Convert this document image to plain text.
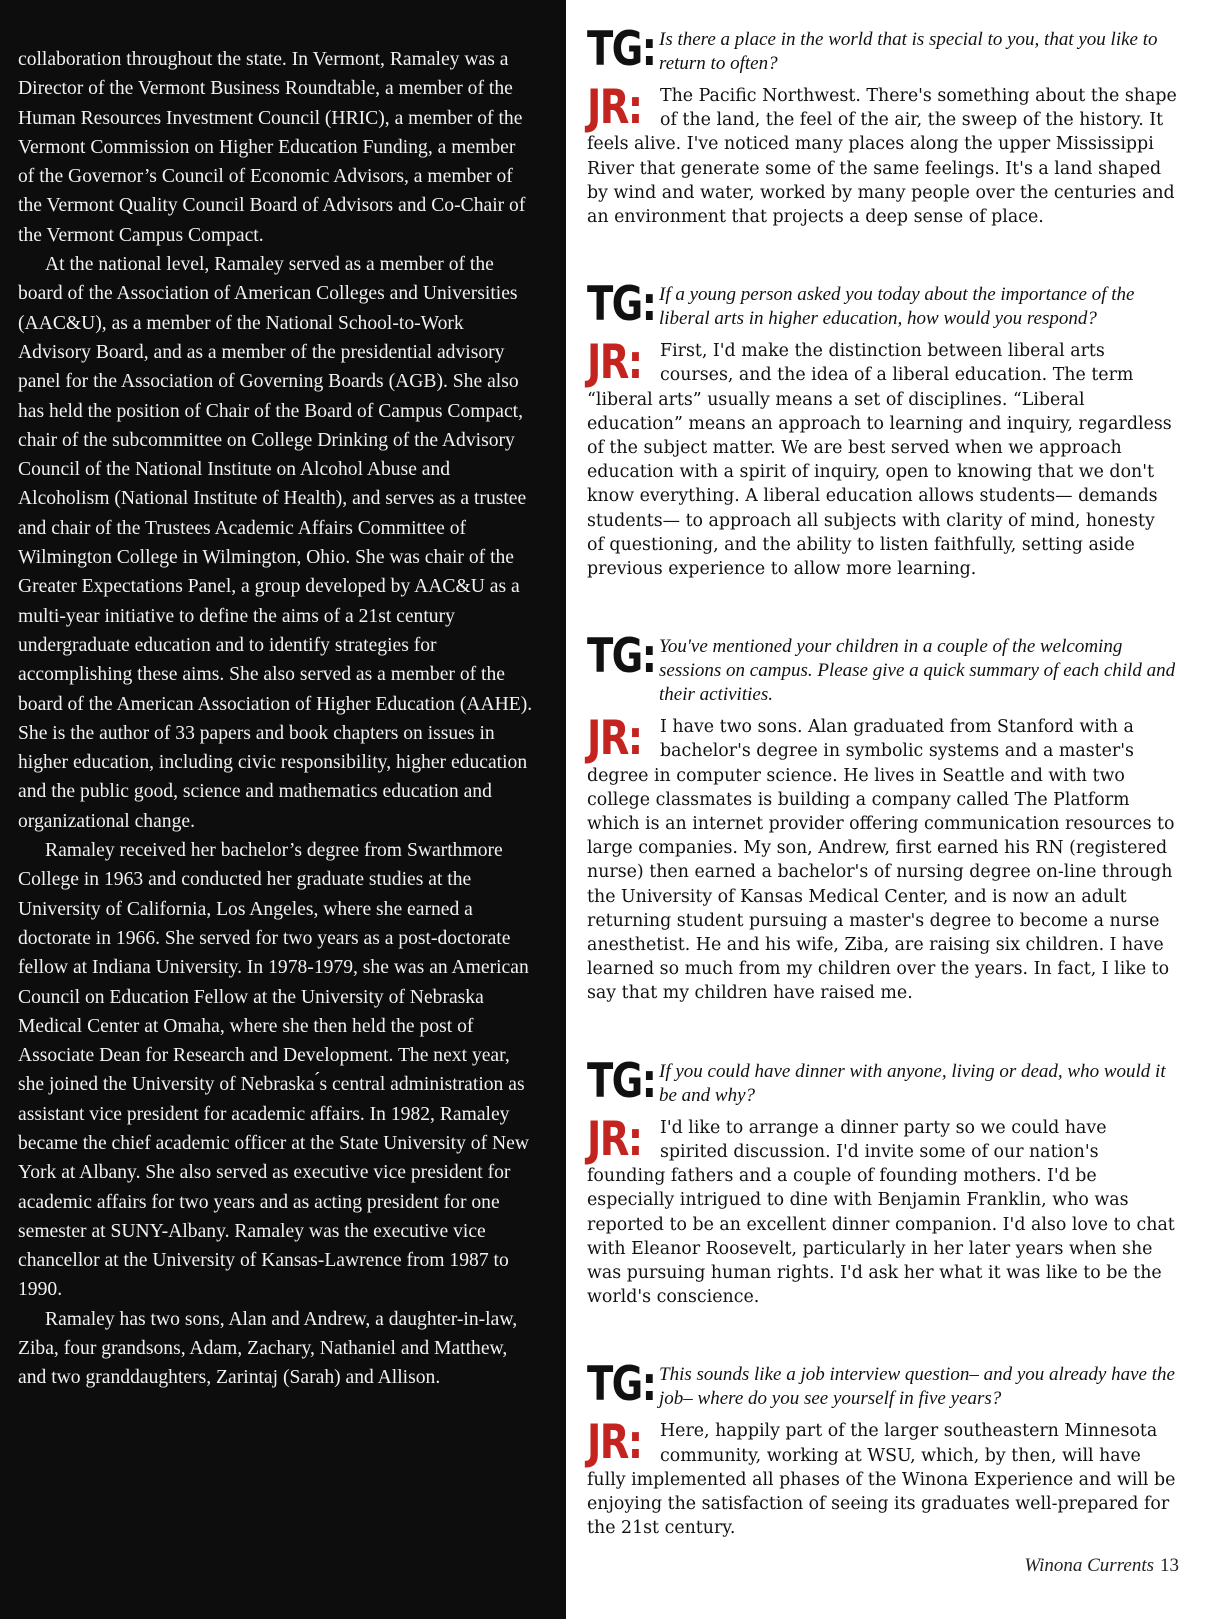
collaboration throughout the state. In Vermont, Ramaley was a Director of the Vermont Business Roundtable, a member of the Human Resources Investment Council (HRIC), a member of the Vermont Commission on Higher Education Funding, a member of the Governor’s Council of Economic Advisors, a member of the Vermont Quality Council Board of Advisors and Co-Chair of the Vermont Campus Compact.

At the national level, Ramaley served as a member of the board of the Association of American Colleges and Universities (AAC&U), as a member of the National School-to-Work Advisory Board, and as a member of the presidential advisory panel for the Association of Governing Boards (AGB). She also has held the position of Chair of the Board of Campus Compact, chair of the subcommittee on College Drinking of the Advisory Council of the National Institute on Alcohol Abuse and Alcoholism (National Institute of Health), and serves as a trustee and chair of the Trustees Academic Affairs Committee of Wilmington College in Wilmington, Ohio. She was chair of the Greater Expectations Panel, a group developed by AAC&U as a multi-year initiative to define the aims of a 21st century undergraduate education and to identify strategies for accomplishing these aims. She also served as a member of the board of the American Association of Higher Education (AAHE). She is the author of 33 papers and book chapters on issues in higher education, including civic responsibility, higher education and the public good, science and mathematics education and organizational change.

Ramaley received her bachelor’s degree from Swarthmore College in 1963 and conducted her graduate studies at the University of California, Los Angeles, where she earned a doctorate in 1966. She served for two years as a post-doctorate fellow at Indiana University. In 1978-1979, she was an American Council on Education Fellow at the University of Nebraska Medical Center at Omaha, where she then held the post of Associate Dean for Research and Development. The next year, she joined the University of Nebraska ́s central administration as assistant vice president for academic affairs. In 1982, Ramaley became the chief academic officer at the State University of New York at Albany. She also served as executive vice president for academic affairs for two years and as acting president for one semester at SUNY-Albany. Ramaley was the executive vice chancellor at the University of Kansas-Lawrence from 1987 to 1990.

Ramaley has two sons, Alan and Andrew, a daughter-in-law, Ziba, four grandsons, Adam, Zachary, Nathaniel and Matthew, and two granddaughters, Zarintaj (Sarah) and Allison.

TG: Is there a place in the world that is special to you, that you like to return to often?
JR:	The Pacific Northwest. There's something about the shape of the land, the feel of the air, the sweep of the history. It feels alive. I've noticed many places along the upper Mississippi River that generate some of the same feelings. It's a land shaped by wind and water, worked by many people over the centuries and an environment that projects a deep sense of place.
TG: If a young person asked you today about the importance of the liberal arts in higher education, how would you respond?
JR:	First, I'd make the distinction between liberal arts courses, and the idea of a liberal education. The term “liberal arts” usually means a set of disciplines. “Liberal education” means an approach to learning and inquiry, regardless of the subject matter. We are best served when we approach education with a spirit of inquiry, open to knowing that we don't know everything. A liberal education allows students— demands students— to approach all subjects with clarity of mind, honesty of questioning, and the ability to listen faithfully, setting aside previous experience to allow more learning.
TG: You've mentioned your children in a couple of the welcoming sessions on campus. Please give a quick summary of each child and their activities.
JR:	I have two sons. Alan graduated from Stanford with a bachelor's degree in symbolic systems and a master's degree in computer science. He lives in Seattle and with two college classmates is building a company called The Platform which is an internet provider offering communication resources to large companies. My son, Andrew, first earned his RN (registered nurse) then earned a bachelor's of nursing degree on-line through the University of Kansas Medical Center, and is now an adult returning student pursuing a master's degree to become a nurse anesthetist. He and his wife, Ziba, are raising six children. I have learned so much from my children over the years. In fact, I like to say that my children have raised me.
TG: If you could have dinner with anyone, living or dead, who would it be and why?
JR:	I'd like to arrange a dinner party so we could have spirited discussion. I'd invite some of our nation's founding fathers and a couple of founding mothers. I'd be especially intrigued to dine with Benjamin Franklin, who was reported to be an excellent dinner companion. I'd also love to chat with Eleanor Roosevelt, particularly in her later years when she was pursuing human rights. I'd ask her what it was like to be the world's conscience.
TG: This sounds like a job interview question– and you already have the job– where do you see yourself in five years?
JR:	Here, happily part of the larger southeastern Minnesota community, working at WSU, which, by then, will have fully implemented all phases of the Winona Experience and will be enjoying the satisfaction of seeing its graduates well-prepared for the 21st century.
Winona Currents 13
